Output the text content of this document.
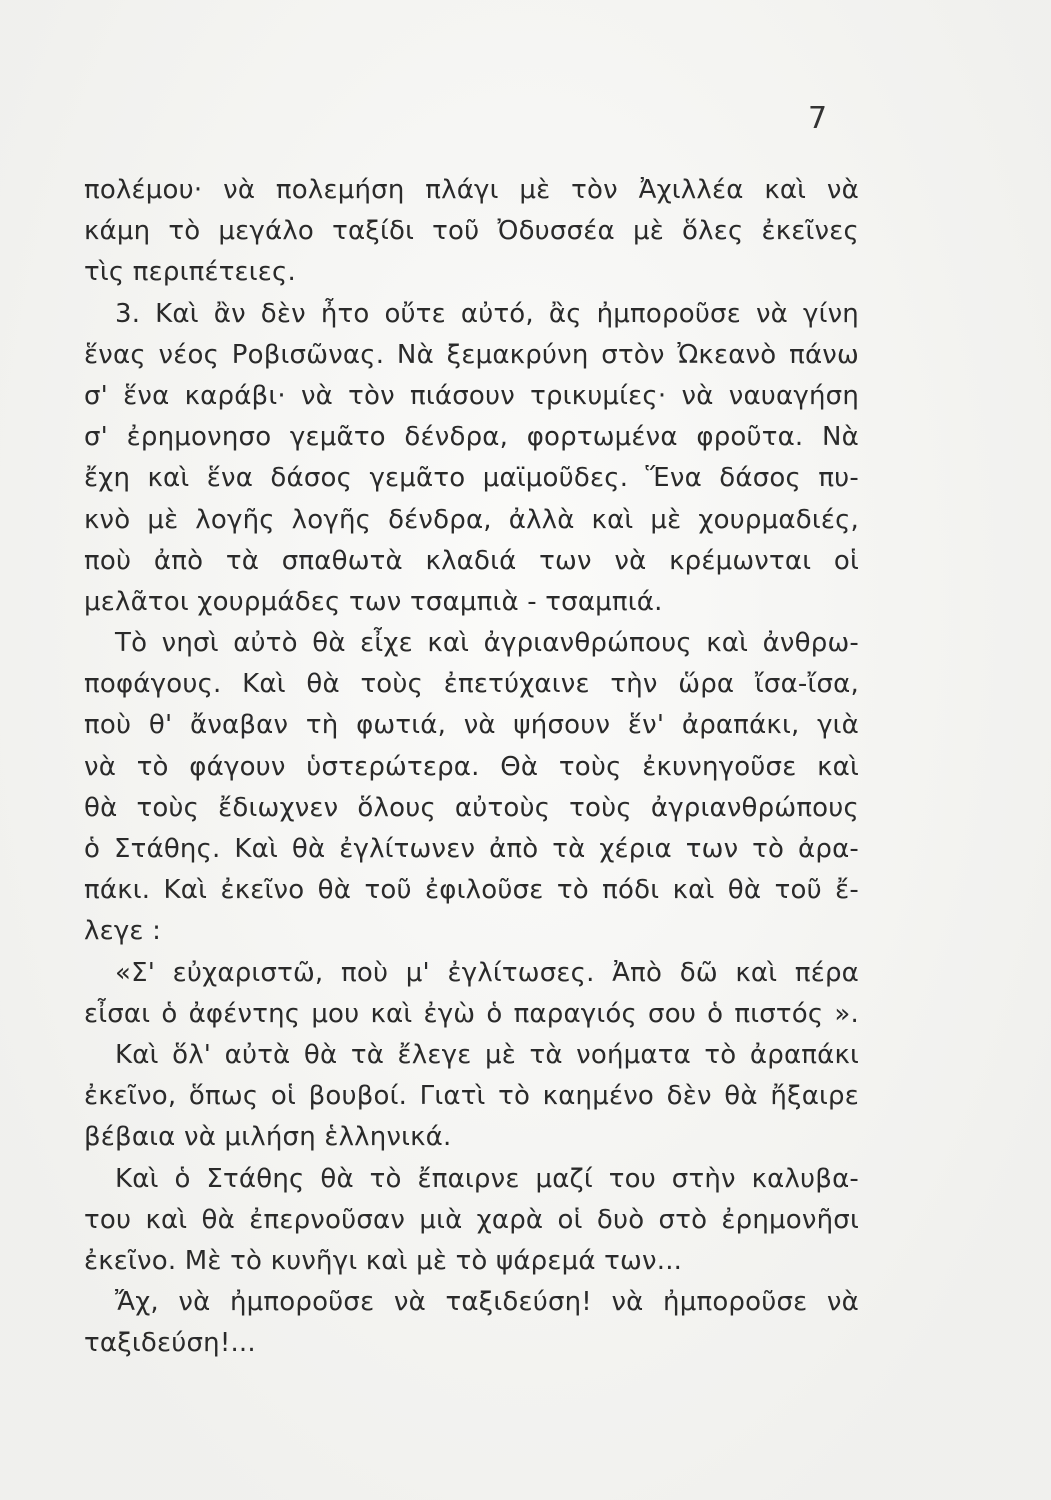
7
πολέμου· νὰ πολεμήση πλάγι μὲ τὸν Ἀχιλλέα καὶ νὰ
κάμη τὸ μεγάλο ταξίδι τοῦ Ὀδυσσέα μὲ ὅλες ἐκεῖνες
τὶς περιπέτειες.
3. Καὶ ἂν δὲν ἦτο οὔτε αὐτό, ἂς ἠμποροῦσε νὰ γίνη
ἕνας νέος Ροβισῶνας. Νὰ ξεμακρύνη στὸν Ὠκεανὸ πάνω
σ' ἕνα καράβι· νὰ τὸν πιάσουν τρικυμίες· νὰ ναυαγήση
σ' ἐρημονησο γεμᾶτο δένδρα, φορτωμένα φροῦτα. Νὰ
ἔχη καὶ ἕνα δάσος γεμᾶτο μαϊμοῦδες. Ἕνα δάσος πυ-
κνὸ μὲ λογῆς λογῆς δένδρα, ἀλλὰ καὶ μὲ χουρμαδιές,
ποὺ ἀπὸ τὰ σπαθωτὰ κλαδιά των νὰ κρέμωνται οἱ
μελᾶτοι χουρμάδες των τσαμπιὰ - τσαμπιά.
Τὸ νησὶ αὐτὸ θὰ εἶχε καὶ ἀγριανθρώπους καὶ ἀνθρω-
ποφάγους. Καὶ θὰ τοὺς ἐπετύχαινε τὴν ὥρα ἴσα-ἴσα,
ποὺ θ' ἄναβαν τὴ φωτιά, νὰ ψήσουν ἕν' ἀραπάκι, γιὰ
νὰ τὸ φάγουν ὑστερώτερα. Θὰ τοὺς ἐκυνηγοῦσε καὶ
θὰ τοὺς ἔδιωχνεν ὅλους αὐτοὺς τοὺς ἀγριανθρώπους
ὁ Στάθης. Καὶ θὰ ἐγλίτωνεν ἀπὸ τὰ χέρια των τὸ ἀρα-
πάκι. Καὶ ἐκεῖνο θὰ τοῦ ἐφιλοῦσε τὸ πόδι καὶ θὰ τοῦ ἔ-
λεγε :
«Σ' εὐχαριστῶ, ποὺ μ' ἐγλίτωσες. Ἀπὸ δῶ καὶ πέρα
εἶσαι ὁ ἀφέντης μου καὶ ἐγὼ ὁ παραγιός σου ὁ πιστός ».
Καὶ ὅλ' αὐτὰ θὰ τὰ ἔλεγε μὲ τὰ νοήματα τὸ ἀραπάκι
ἐκεῖνο, ὅπως οἱ βουβοί. Γιατὶ τὸ καημένο δὲν θὰ ἤξαιρε
βέβαια νὰ μιλήση ἑλληνικά.
Καὶ ὁ Στάθης θὰ τὸ ἔπαιρνε μαζί του στὴν καλυβα-
του καὶ θὰ ἐπερνοῦσαν μιὰ χαρὰ οἱ δυὸ στὸ ἐρημονῆσι
ἐκεῖνο. Μὲ τὸ κυνῆγι καὶ μὲ τὸ ψάρεμά των...
Ἄχ, νὰ ἠμποροῦσε νὰ ταξιδεύση! νὰ ἠμποροῦσε νὰ
ταξιδεύση!...
